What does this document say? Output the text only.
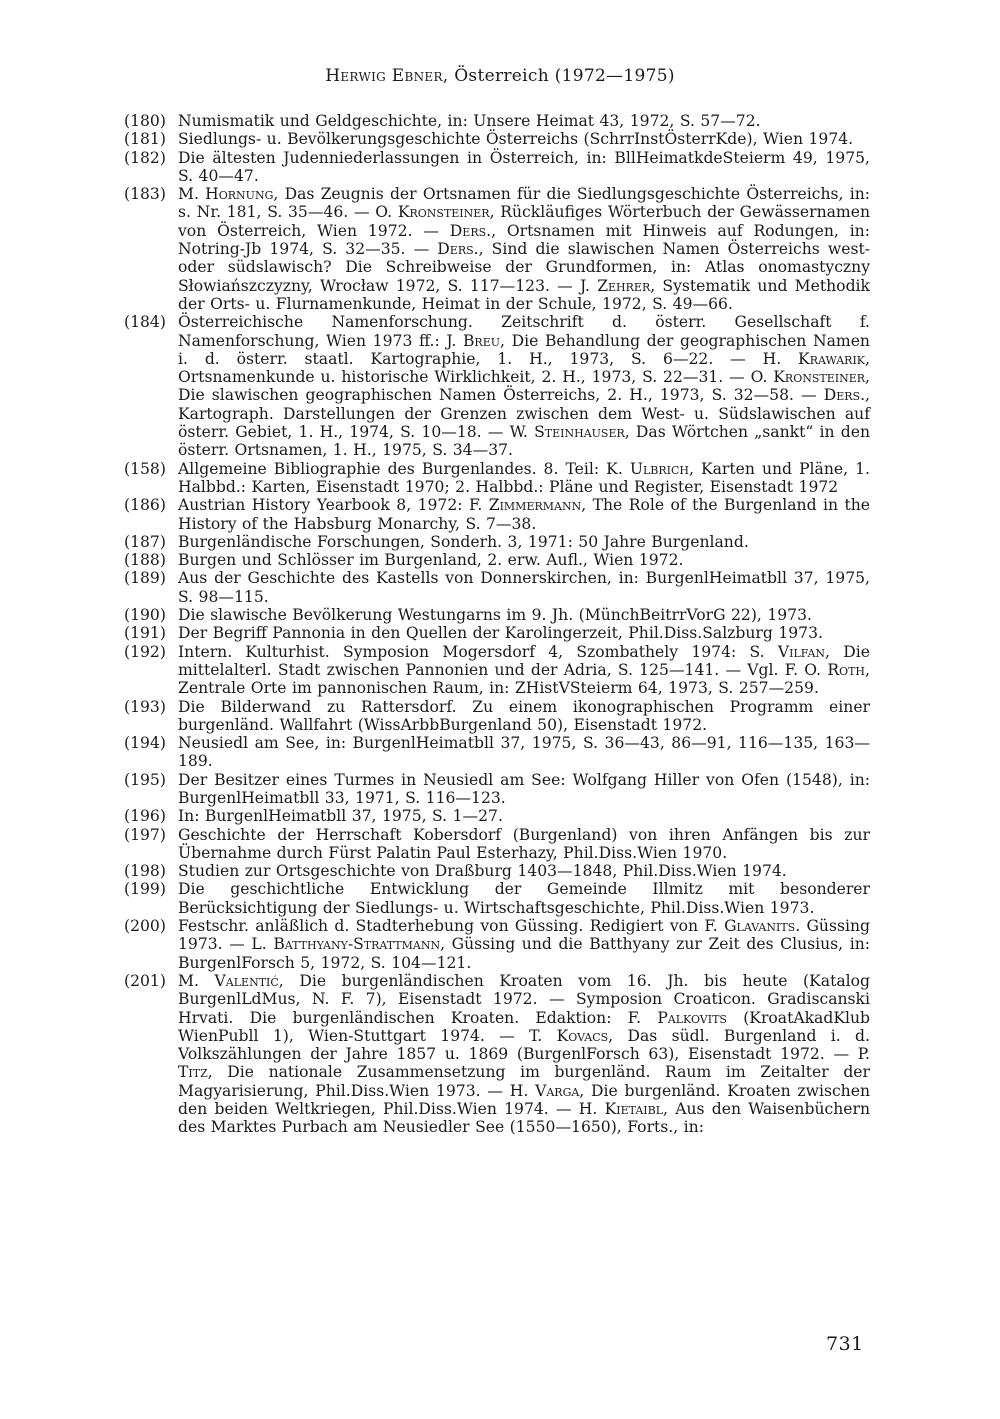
Herwig Ebner, Österreich (1972—1975)
(180) Numismatik und Geldgeschichte, in: Unsere Heimat 43, 1972, S. 57—72.
(181) Siedlungs- u. Bevölkerungsgeschichte Österreichs (SchrrInstÖsterrKde), Wien 1974.
(182) Die ältesten Judenniederlassungen in Österreich, in: BllHeimatkdeSteierm 49, 1975, S. 40—47.
(183) M. Hornung, Das Zeugnis der Ortsnamen für die Siedlungsgeschichte Österreichs, in: s. Nr. 181, S. 35—46. — O. Kronsteiner, Rückläufiges Wörterbuch der Gewässernamen von Österreich, Wien 1972. — Ders., Ortsnamen mit Hinweis auf Rodungen, in: Notring-Jb 1974, S. 32—35. — Ders., Sind die slawischen Namen Österreichs west- oder südslawisch? Die Schreibweise der Grundformen, in: Atlas onomastyczny Słowiańszczyzny, Wrocław 1972, S. 117—123. — J. Zehrer, Systematik und Methodik der Orts- u. Flurnamenkunde, Heimat in der Schule, 1972, S. 49—66.
(184) Österreichische Namenforschung. Zeitschrift d. österr. Gesellschaft f. Namenforschung, Wien 1973 ff.: J. Breu, Die Behandlung der geographischen Namen i. d. österr. staatl. Kartographie, 1. H., 1973, S. 6—22. — H. Krawarik, Ortsnamenkunde u. historische Wirklichkeit, 2. H., 1973, S. 22—31. — O. Kronsteiner, Die slawischen geographischen Namen Österreichs, 2. H., 1973, S. 32—58. — Ders., Kartograph. Darstellungen der Grenzen zwischen dem West- u. Südslawischen auf österr. Gebiet, 1. H., 1974, S. 10—18. — W. Steinhauser, Das Wörtchen „sankt“ in den österr. Ortsnamen, 1. H., 1975, S. 34—37.
(158) Allgemeine Bibliographie des Burgenlandes. 8. Teil: K. Ulbrich, Karten und Pläne, 1. Halbbd.: Karten, Eisenstadt 1970; 2. Halbbd.: Pläne und Register, Eisenstadt 1972
(186) Austrian History Yearbook 8, 1972: F. Zimmermann, The Role of the Burgenland in the History of the Habsburg Monarchy, S. 7—38.
(187) Burgenländische Forschungen, Sonderh. 3, 1971: 50 Jahre Burgenland.
(188) Burgen und Schlösser im Burgenland, 2. erw. Aufl., Wien 1972.
(189) Aus der Geschichte des Kastells von Donnerskirchen, in: BurgenlHeimatbll 37, 1975, S. 98—115.
(190) Die slawische Bevölkerung Westungarns im 9. Jh. (MünchBeitrrVorG 22), 1973.
(191) Der Begriff Pannonia in den Quellen der Karolingerzeit, Phil.Diss.Salzburg 1973.
(192) Intern. Kulturhist. Symposion Mogersdorf 4, Szombathely 1974: S. Vilfan, Die mittelalterl. Stadt zwischen Pannonien und der Adria, S. 125—141. — Vgl. F. O. Roth, Zentrale Orte im pannonischen Raum, in: ZHistVSteierm 64, 1973, S. 257—259.
(193) Die Bilderwand zu Rattersdorf. Zu einem ikonographischen Programm einer burgenländ. Wallfahrt (WissArbbBurgenland 50), Eisenstadt 1972.
(194) Neusiedl am See, in: BurgenlHeimatbll 37, 1975, S. 36—43, 86—91, 116—135, 163—189.
(195) Der Besitzer eines Turmes in Neusiedl am See: Wolfgang Hiller von Ofen (1548), in: BurgenlHeimatbll 33, 1971, S. 116—123.
(196) In: BurgenlHeimatbll 37, 1975, S. 1—27.
(197) Geschichte der Herrschaft Kobersdorf (Burgenland) von ihren Anfängen bis zur Übernahme durch Fürst Palatin Paul Esterhazy, Phil.Diss.Wien 1970.
(198) Studien zur Ortsgeschichte von Draßburg 1403—1848, Phil.Diss.Wien 1974.
(199) Die geschichtliche Entwicklung der Gemeinde Illmitz mit besonderer Berücksichtigung der Siedlungs- u. Wirtschaftsgeschichte, Phil.Diss.Wien 1973.
(200) Festschr. anläßlich d. Stadterhebung von Güssing. Redigiert von F. Glavanits. Güssing 1973. — L. Batthyany-Strattmann, Güssing und die Batthyany zur Zeit des Clusius, in: BurgenlForsch 5, 1972, S. 104—121.
(201) M. Valentić, Die burgenländischen Kroaten vom 16. Jh. bis heute (Katalog BurgenlLdMus, N. F. 7), Eisenstadt 1972. — Symposion Croaticon. Gradiscanski Hrvati. Die burgenländischen Kroaten. Edaktion: F. Palkovits (KroatAkadKlub WienPubll 1), Wien-Stuttgart 1974. — T. Kovacs, Das südl. Burgenland i. d. Volkszählungen der Jahre 1857 u. 1869 (BurgenlForsch 63), Eisenstadt 1972. — P. Titz, Die nationale Zusammensetzung im burgenländ. Raum im Zeitalter der Magyarisierung, Phil.Diss.Wien 1973. — H. Varga, Die burgenländ. Kroaten zwischen den beiden Weltkriegen, Phil.Diss.Wien 1974. — H. Kietaibl, Aus den Waisenbüchern des Marktes Purbach am Neusiedler See (1550—1650), Forts., in:
731
